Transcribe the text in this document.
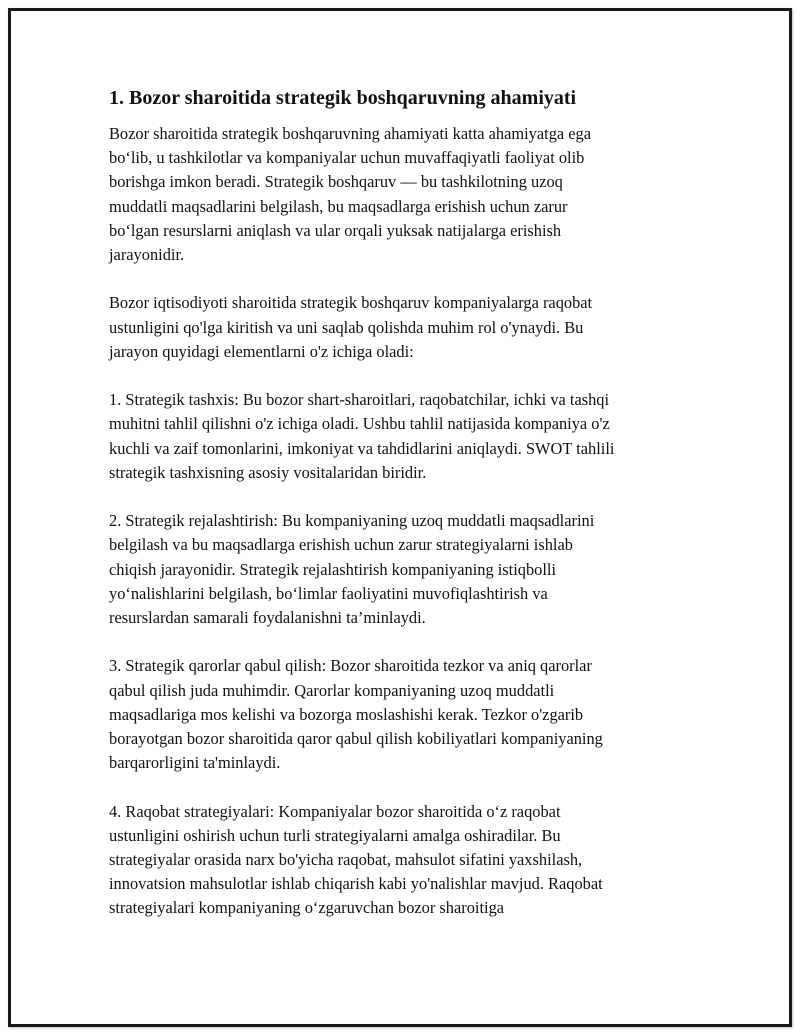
1. Bozor sharoitida strategik boshqaruvning ahamiyati

Bozor sharoitida strategik boshqaruvning ahamiyati katta ahamiyatga ega
bo‘lib, u tashkilotlar va kompaniyalar uchun muvaffaqiyatli faoliyat olib
borishga imkon beradi. Strategik boshqaruv — bu tashkilotning uzoq
muddatli maqsadlarini belgilash, bu maqsadlarga erishish uchun zarur
bo‘lgan resurslarni aniqlash va ular orqali yuksak natijalarga erishish
jarayonidir.

Bozor iqtisodiyoti sharoitida strategik boshqaruv kompaniyalarga raqobat
ustunligini qo'lga kiritish va uni saqlab qolishda muhim rol o'ynaydi. Bu
jarayon quyidagi elementlarni o'z ichiga oladi:

1. Strategik tashxis: Bu bozor shart-sharoitlari, raqobatchilar, ichki va tashqi
muhitni tahlil qilishni o'z ichiga oladi. Ushbu tahlil natijasida kompaniya o'z
kuchli va zaif tomonlarini, imkoniyat va tahdidlarini aniqlaydi. SWOT tahlili
strategik tashxisning asosiy vositalaridan biridir.

2. Strategik rejalashtirish: Bu kompaniyaning uzoq muddatli maqsadlarini
belgilash va bu maqsadlarga erishish uchun zarur strategiyalarni ishlab
chiqish jarayonidir. Strategik rejalashtirish kompaniyaning istiqbolli
yo‘nalishlarini belgilash, bo‘limlar faoliyatini muvofiqlashtirish va
resurslardan samarali foydalanishni ta’minlaydi.

3. Strategik qarorlar qabul qilish: Bozor sharoitida tezkor va aniq qarorlar
qabul qilish juda muhimdir. Qarorlar kompaniyaning uzoq muddatli
maqsadlariga mos kelishi va bozorga moslashishi kerak. Tezkor o'zgarib
borayotgan bozor sharoitida qaror qabul qilish kobiliyatlari kompaniyaning
barqarorligini ta'minlaydi.

4. Raqobat strategiyalari: Kompaniyalar bozor sharoitida o‘z raqobat
ustunligini oshirish uchun turli strategiyalarni amalga oshiradilar. Bu
strategiyalar orasida narx bo'yicha raqobat, mahsulot sifatini yaxshilash,
innovatsion mahsulotlar ishlab chiqarish kabi yo'nalishlar mavjud. Raqobat
strategiyalari kompaniyaning o‘zgaruvchan bozor sharoitiga
